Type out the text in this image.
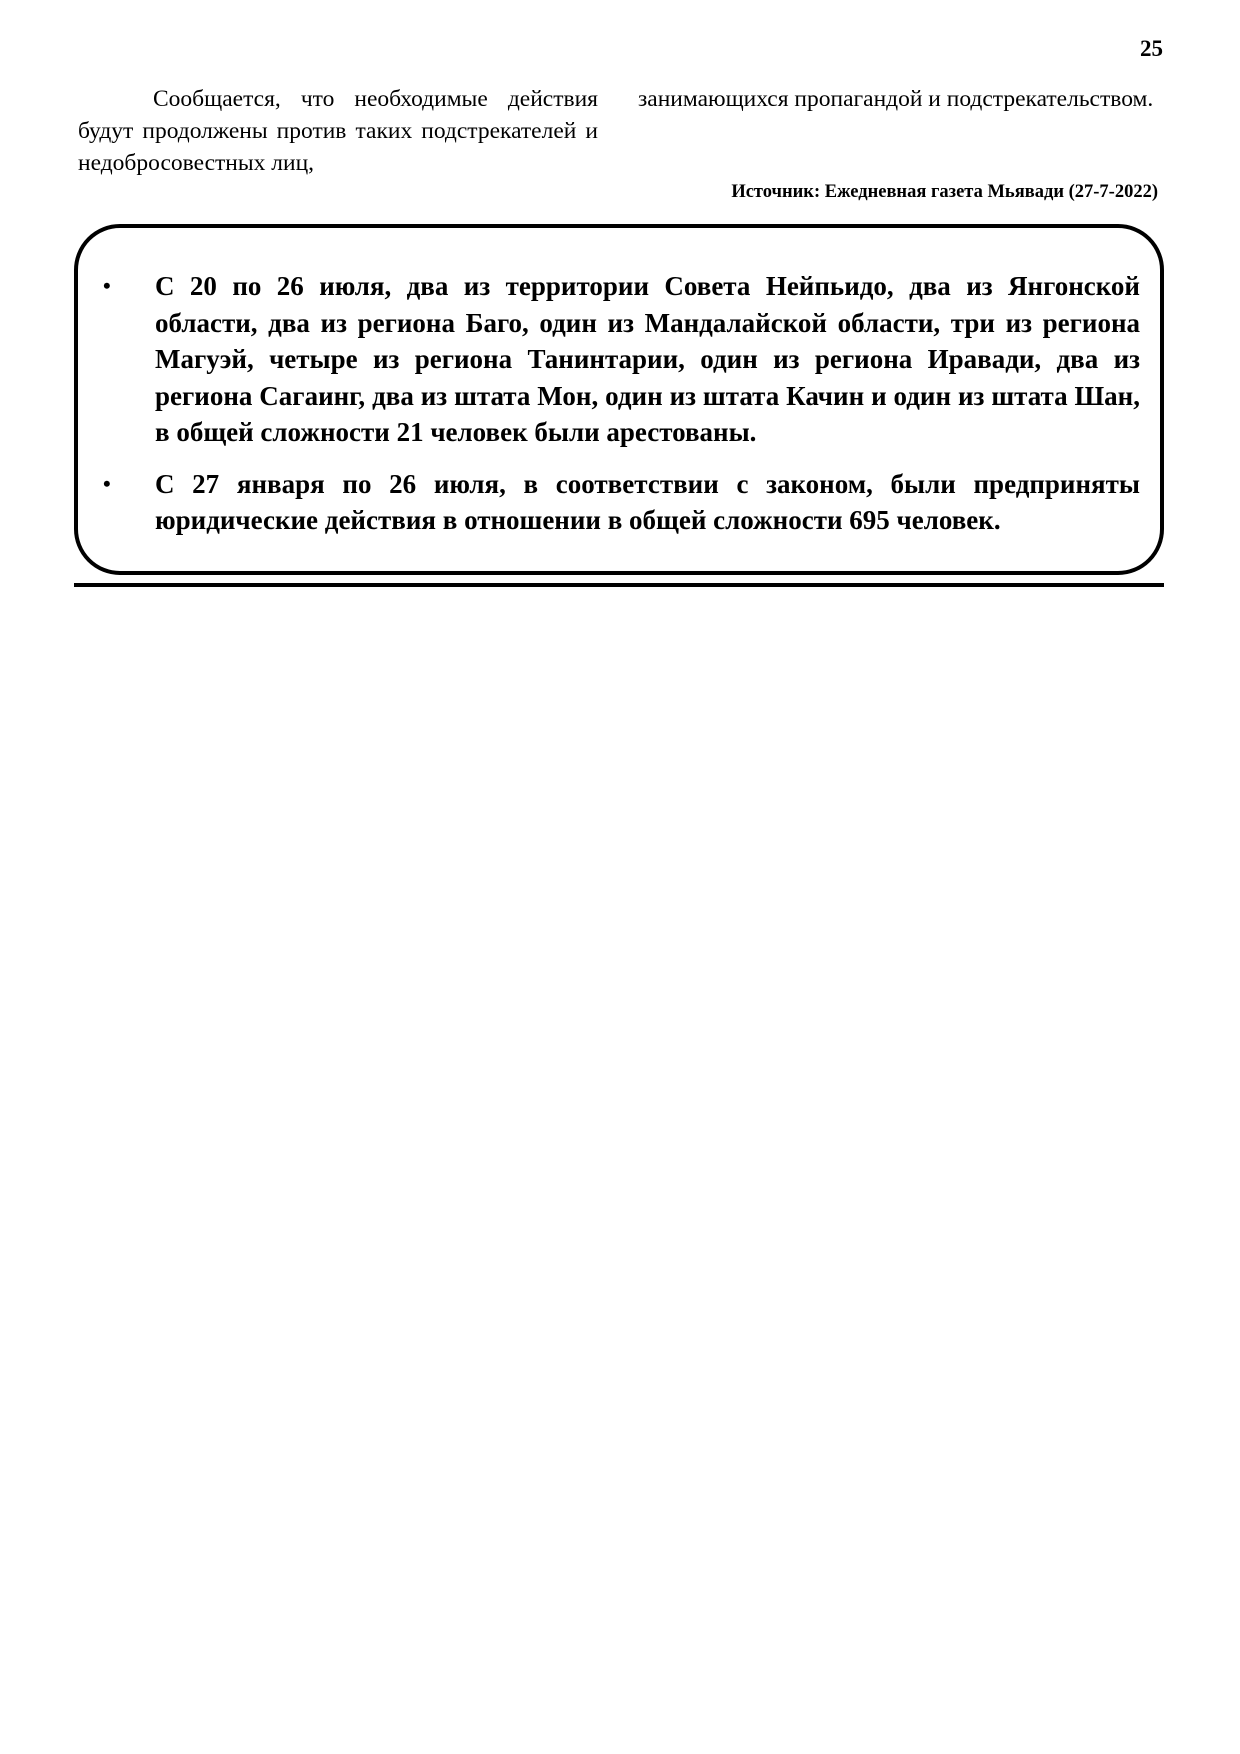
25

Сообщается, что необходимые действия будут продолжены против таких подстрекателей и недобросовестных лиц,

занимающихся пропагандой и подстрекательством.

Источник: Ежедневная газета Мьявади (27-7-2022)
• С 20 по 26 июля, два из территории Совета Нейпьидо, два из Янгонской области, два из региона Баго, один из Мандалайской области, три из региона Магуэй, четыре из региона Танинтарии, один из региона Иравади, два из региона Сагаинг, два из штата Мон, один из штата Качин и один из штата Шан, в общей сложности 21 человек были арестованы.
• С 27 января по 26 июля, в соответствии с законом, были предприняты юридические действия в отношении в общей сложности 695 человек.
